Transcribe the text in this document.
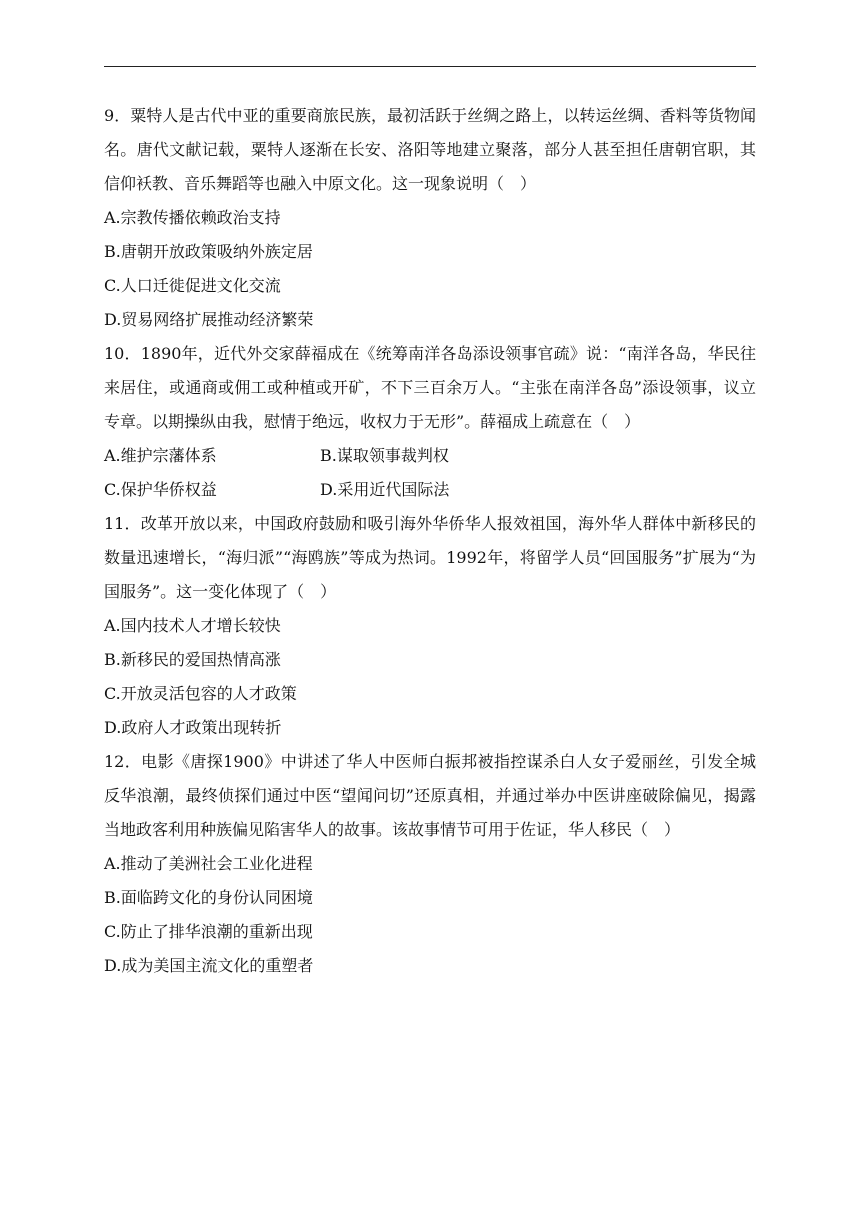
9．粟特人是古代中亚的重要商旅民族，最初活跃于丝绸之路上，以转运丝绸、香料等货物闻名。唐代文献记载，粟特人逐渐在长安、洛阳等地建立聚落，部分人甚至担任唐朝官职，其信仰袄教、音乐舞蹈等也融入中原文化。这一现象说明（　）

A.宗教传播依赖政治支持

B.唐朝开放政策吸纳外族定居

C.人口迁徙促进文化交流

D.贸易网络扩展推动经济繁荣

10．1890年，近代外交家薛福成在《统筹南洋各岛添设领事官疏》说：“南洋各岛，华民往来居住，或通商或佣工或种植或开矿，不下三百余万人。“主张在南洋各岛”添设领事，议立专章。以期操纵由我，慰情于绝远，收权力于无形”。薛福成上疏意在（　）

A.维护宗藩体系	B.谋取领事裁判权
C.保护华侨权益	D.采用近代国际法

11．改革开放以来，中国政府鼓励和吸引海外华侨华人报效祖国，海外华人群体中新移民的数量迅速增长，“海归派”“海鸥族”等成为热词。1992年，将留学人员“回国服务”扩展为“为国服务”。这一变化体现了（　）

A.国内技术人才增长较快

B.新移民的爱国热情高涨

C.开放灵活包容的人才政策

D.政府人才政策出现转折

12．电影《唐探1900》中讲述了华人中医师白振邦被指控谋杀白人女子爱丽丝，引发全城反华浪潮，最终侦探们通过中医“望闻问切”还原真相，并通过举办中医讲座破除偏见，揭露当地政客利用种族偏见陷害华人的故事。该故事情节可用于佐证，华人移民（　）

A.推动了美洲社会工业化进程

B.面临跨文化的身份认同困境

C.防止了排华浪潮的重新出现

D.成为美国主流文化的重塑者
